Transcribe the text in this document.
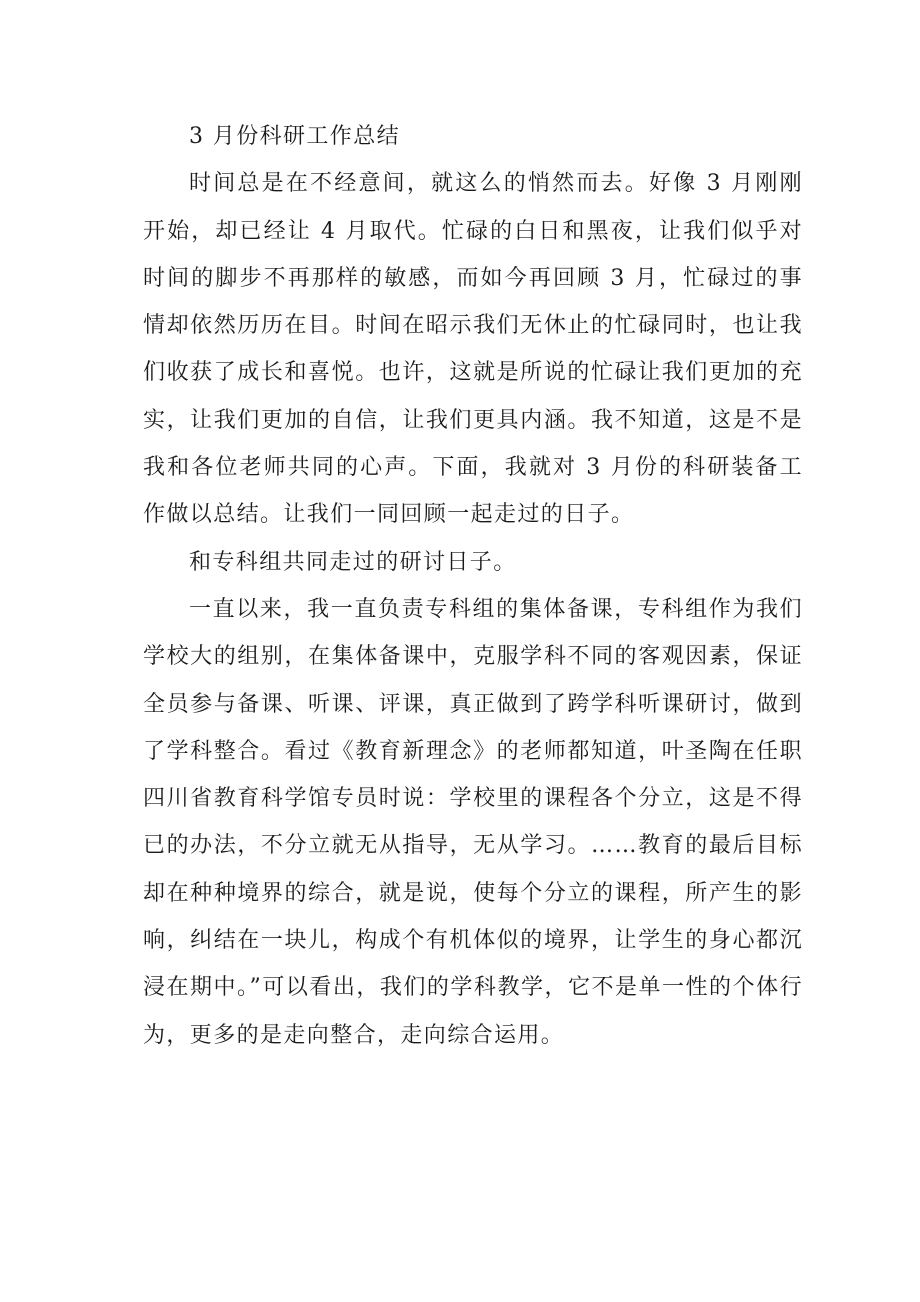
3 月份科研工作总结

时间总是在不经意间，就这么的悄然而去。好像 3 月刚刚开始，却已经让 4 月取代。忙碌的白日和黑夜，让我们似乎对时间的脚步不再那样的敏感，而如今再回顾 3 月，忙碌过的事情却依然历历在目。时间在昭示我们无休止的忙碌同时，也让我们收获了成长和喜悦。也许，这就是所说的忙碌让我们更加的充实，让我们更加的自信，让我们更具内涵。我不知道，这是不是我和各位老师共同的心声。下面，我就对 3 月份的科研装备工作做以总结。让我们一同回顾一起走过的日子。

和专科组共同走过的研讨日子。

一直以来，我一直负责专科组的集体备课，专科组作为我们学校大的组别，在集体备课中，克服学科不同的客观因素，保证全员参与备课、听课、评课，真正做到了跨学科听课研讨，做到了学科整合。看过《教育新理念》的老师都知道，叶圣陶在任职四川省教育科学馆专员时说：学校里的课程各个分立，这是不得已的办法，不分立就无从指导，无从学习。……教育的最后目标却在种种境界的综合，就是说，使每个分立的课程，所产生的影响，纠结在一块儿，构成个有机体似的境界，让学生的身心都沉浸在期中。”可以看出，我们的学科教学，它不是单一性的个体行为，更多的是走向整合，走向综合运用。
